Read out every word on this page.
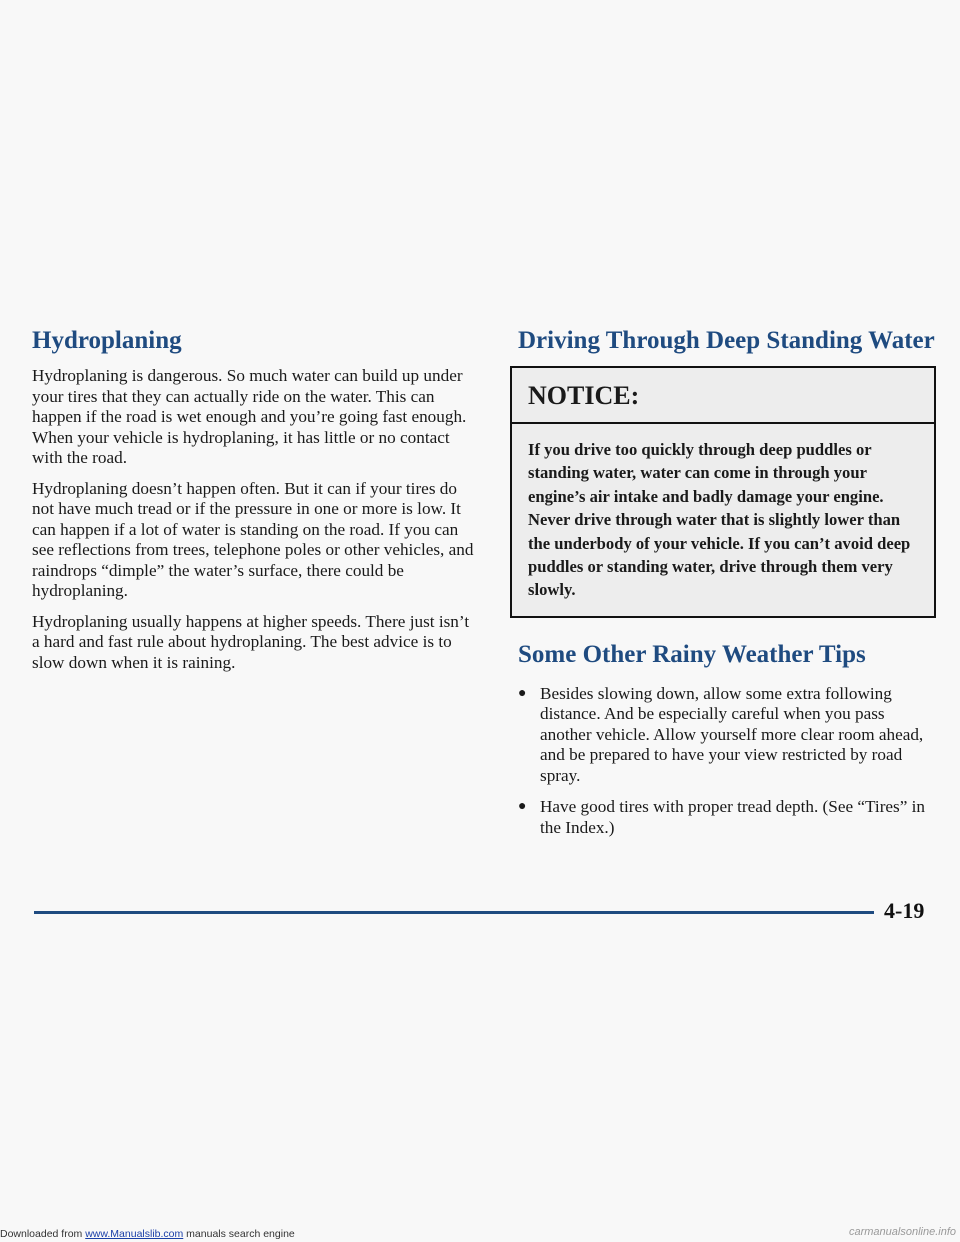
Hydroplaning

Hydroplaning is dangerous. So much water can build up under your tires that they can actually ride on the water. This can happen if the road is wet enough and you’re going fast enough. When your vehicle is hydroplaning, it has little or no contact with the road.

Hydroplaning doesn’t happen often. But it can if your tires do not have much tread or if the pressure in one or more is low. It can happen if a lot of water is standing on the road. If you can see reflections from trees, telephone poles or other vehicles, and raindrops “dimple” the water’s surface, there could be hydroplaning.

Hydroplaning usually happens at higher speeds. There just isn’t a hard and fast rule about hydroplaning. The best advice is to slow down when it is raining.

Driving Through Deep Standing Water
NOTICE:
If you drive too quickly through deep puddles or standing water, water can come in through your engine’s air intake and badly damage your engine. Never drive through water that is slightly lower than the underbody of your vehicle. If you can’t avoid deep puddles or standing water, drive through them very slowly.
Some Other Rainy Weather Tips
● Besides slowing down, allow some extra following distance. And be especially careful when you pass another vehicle. Allow yourself more clear room ahead, and be prepared to have your view restricted by road spray.
● Have good tires with proper tread depth. (See “Tires” in the Index.)
4-19
Downloaded from www.Manualslib.com manuals search engine	carmanualsonline.info
